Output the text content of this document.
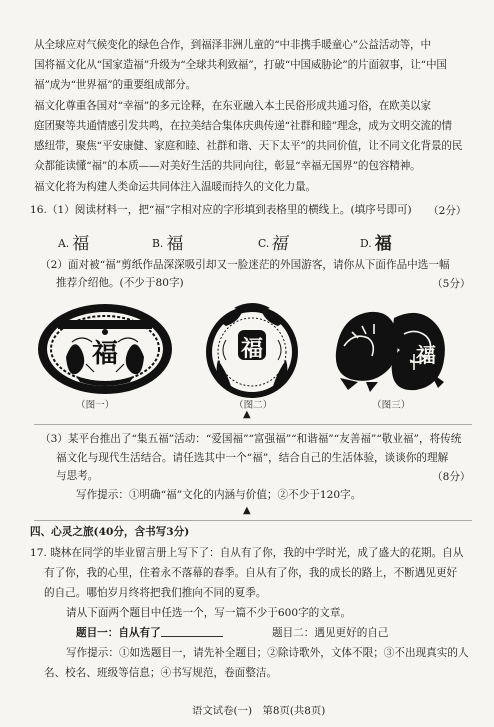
从全球应对气候变化的绿色合作，到福泽非洲儿童的“中非携手暖童心”公益活动等，中
国将福文化从“国家造福”升级为“全球共利致福”，打破“中国威胁论”的片面叙事，让“中国
福”成为“世界福”的重要组成部分。
福文化尊重各国对“幸福”的多元诠释，在东亚融入本土民俗形成共通习俗，在欧美以家
庭团聚等共通情感引发共鸣，在拉美结合集体庆典传递“社群和睦”理念，成为文明交流的情
感纽带，聚焦“平安康健、家庭和睦、社群和谐、天下太平”的共同价值，让不同文化背景的民
众都能读懂“福”的本质——对美好生活的共同向往，彰显“幸福无国界”的包容精神。
福文化将为构建人类命运共同体注入温暖而持久的文化力量。
16.（1）阅读材料一，把“福”字相对应的字形填到表格里的横线上。(填序号即可) （2分）
A. 福	B. 福	C.福	D. 福
（2）面对被“福”剪纸作品深深吸引却又一脸迷茫的外国游客，请你从下面作品中选一幅
推荐介绍他。(不少于80字)	（5分）
福	福	福
（图一）	（图二）	（图三）
▲
（3）某平台推出了“集五福”活动：“爱国福”“富强福”“和谐福”“友善福”“敬业福”，将传统
福文化与现代生活结合。请任选其中一个“福”，结合自己的生活体验，谈谈你的理解
与思考。	（8分）
写作提示：①明确“福”文化的内涵与价值；②不少于120字。
▲
四、心灵之旅(40分，含书写3分)
17. 晓林在同学的毕业留言册上写下了：自从有了你，我的中学时光，成了盛大的花期。自从
有了你，我的心里，住着永不落幕的春季。自从有了你，我的成长的路上，不断遇见更好
的自己。哪怕岁月终将把我们推向不同的夏季。
请从下面两个题目中任选一个，写一篇不少于600字的文章。
题目一：自从有了	题目二：遇见更好的自己
写作提示：①如选题目一，请先补全题目；②除诗歌外，文体不限；③不出现真实的人
名、校名、班级等信息；④书写规范，卷面整洁。
语文试卷(一)　第8页(共8页)
